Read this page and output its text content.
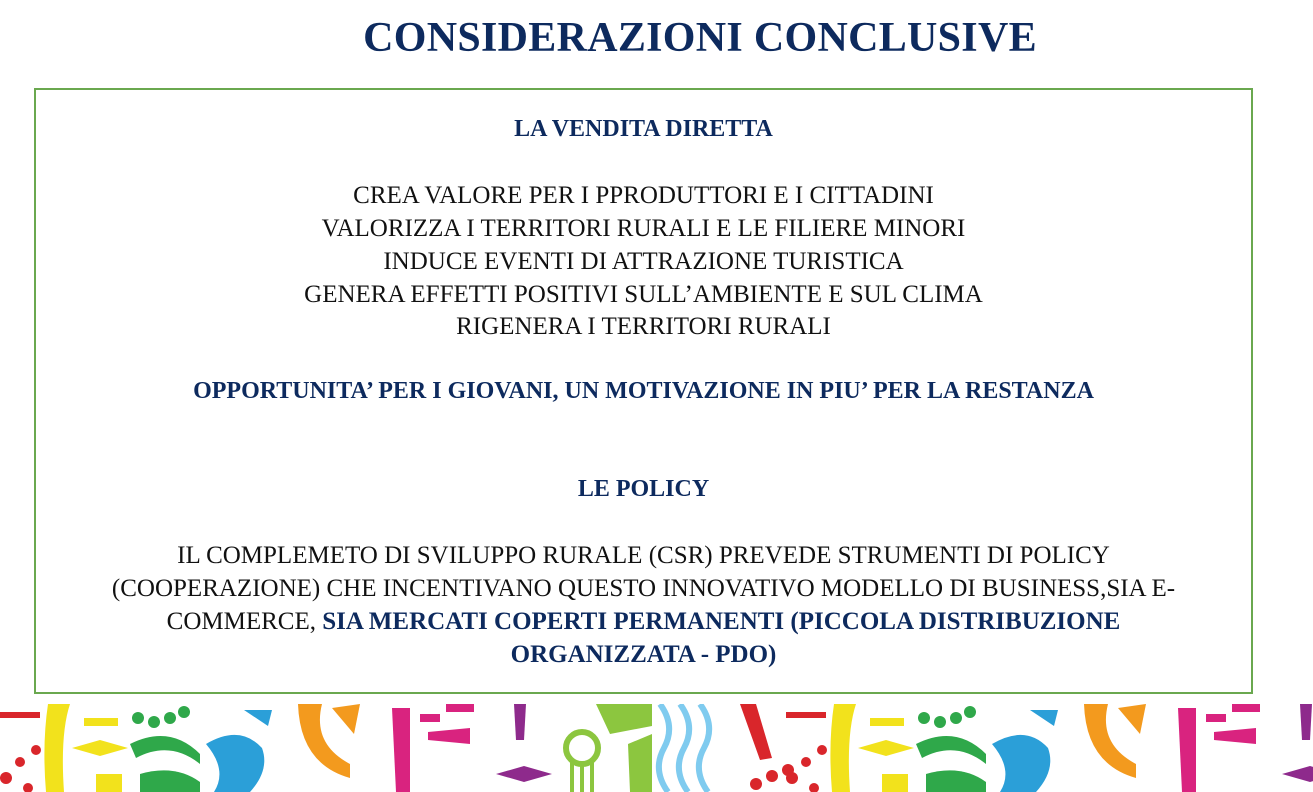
CONSIDERAZIONI CONCLUSIVE
LA VENDITA DIRETTA
CREA VALORE PER I PPRODUTTORI E I CITTADINI
VALORIZZA I TERRITORI RURALI E LE FILIERE MINORI
INDUCE EVENTI DI ATTRAZIONE TURISTICA
GENERA EFFETTI POSITIVI SULL’AMBIENTE E SUL CLIMA
RIGENERA I TERRITORI RURALI
OPPORTUNITA’ PER I GIOVANI, UN MOTIVAZIONE IN PIU’ PER LA RESTANZA
LE POLICY
IL COMPLEMETO DI SVILUPPO RURALE (CSR) PREVEDE STRUMENTI DI POLICY
(COOPERAZIONE) CHE INCENTIVANO QUESTO INNOVATIVO MODELLO DI BUSINESS,SIA E-
COMMERCE, SIA MERCATI COPERTI PERMANENTI (PICCOLA DISTRIBUZIONE
ORGANIZZATA - PDO)
